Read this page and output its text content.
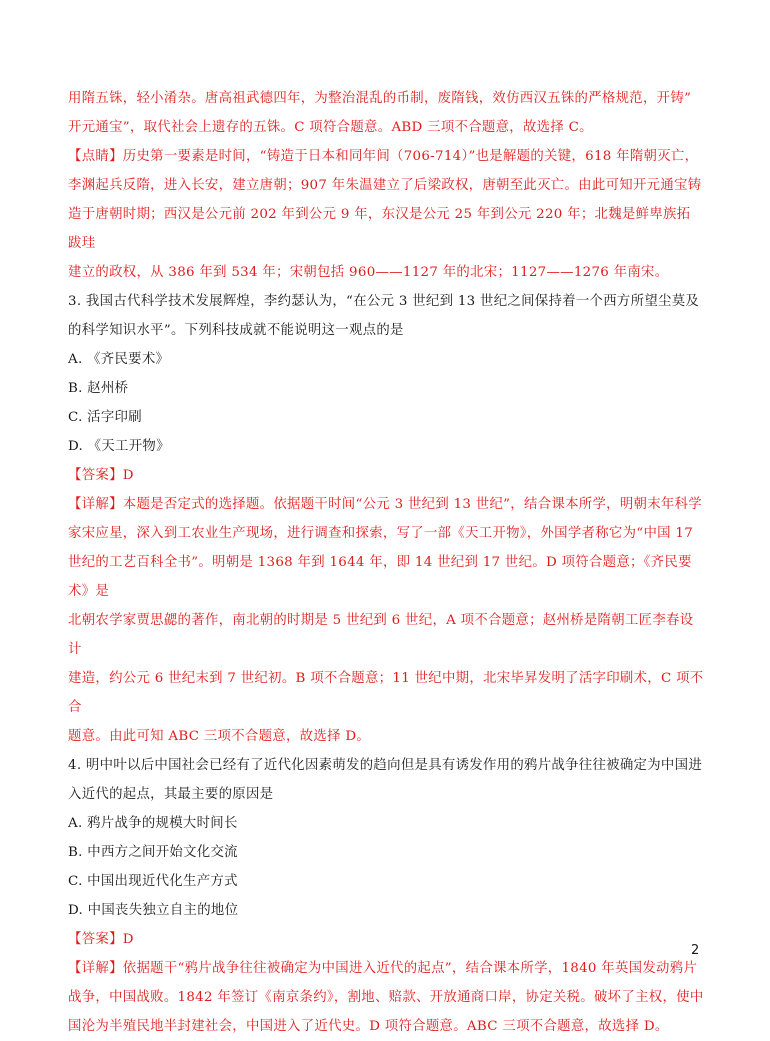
用隋五铢，轻小淆杂。唐高祖武德四年，为整治混乱的币制，废隋钱，效仿西汉五铢的严格规范，开铸”

开元通宝”，取代社会上遗存的五铢。C 项符合题意。ABD 三项不合题意，故选择 C。

【点睛】历史第一要素是时间，“铸造于日本和同年间（706-714）”也是解题的关键，618 年隋朝灭亡，

李渊起兵反隋，进入长安，建立唐朝；907 年朱温建立了后梁政权，唐朝至此灭亡。由此可知开元通宝铸

造于唐朝时期；西汉是公元前 202 年到公元 9 年，东汉是公元 25 年到公元 220 年；北魏是鲜卑族拓跋珪

建立的政权，从 386 年到 534 年；宋朝包括 960——1127 年的北宋；1127——1276 年南宋。

3. 我国古代科学技术发展辉煌，李约瑟认为，“在公元 3 世纪到 13 世纪之间保持着一个西方所望尘莫及

的科学知识水平”。下列科技成就不能说明这一观点的是

A. 《齐民要术》

B. 赵州桥

C. 活字印刷

D. 《天工开物》

【答案】D

【详解】本题是否定式的选择题。依据题干时间“公元 3 世纪到 13 世纪”，结合课本所学，明朝末年科学

家宋应星，深入到工农业生产现场，进行调查和探索，写了一部《天工开物》，外国学者称它为“中国 17

世纪的工艺百科全书”。明朝是 1368 年到 1644 年，即 14 世纪到 17 世纪。D 项符合题意；《齐民要术》是

北朝农学家贾思勰的著作，南北朝的时期是 5 世纪到 6 世纪，A 项不合题意；赵州桥是隋朝工匠李春设计

建造，约公元 6 世纪末到 7 世纪初。B 项不合题意；11 世纪中期，北宋毕昇发明了活字印刷术，C 项不合

题意。由此可知 ABC 三项不合题意，故选择 D。

4. 明中叶以后中国社会已经有了近代化因素萌发的趋向但是具有诱发作用的鸦片战争往往被确定为中国进

入近代的起点，其最主要的原因是

A. 鸦片战争的规模大时间长

B. 中西方之间开始文化交流

C. 中国出现近代化生产方式

D. 中国丧失独立自主的地位

【答案】D

【详解】依据题干“鸦片战争往往被确定为中国进入近代的起点”，结合课本所学，1840 年英国发动鸦片

战争，中国战败。1842 年签订《南京条约》，割地、赔款、开放通商口岸，协定关税。破坏了主权，使中

国沦为半殖民地半封建社会，中国进入了近代史。D 项符合题意。ABC 三项不合题意，故选择 D。

2
